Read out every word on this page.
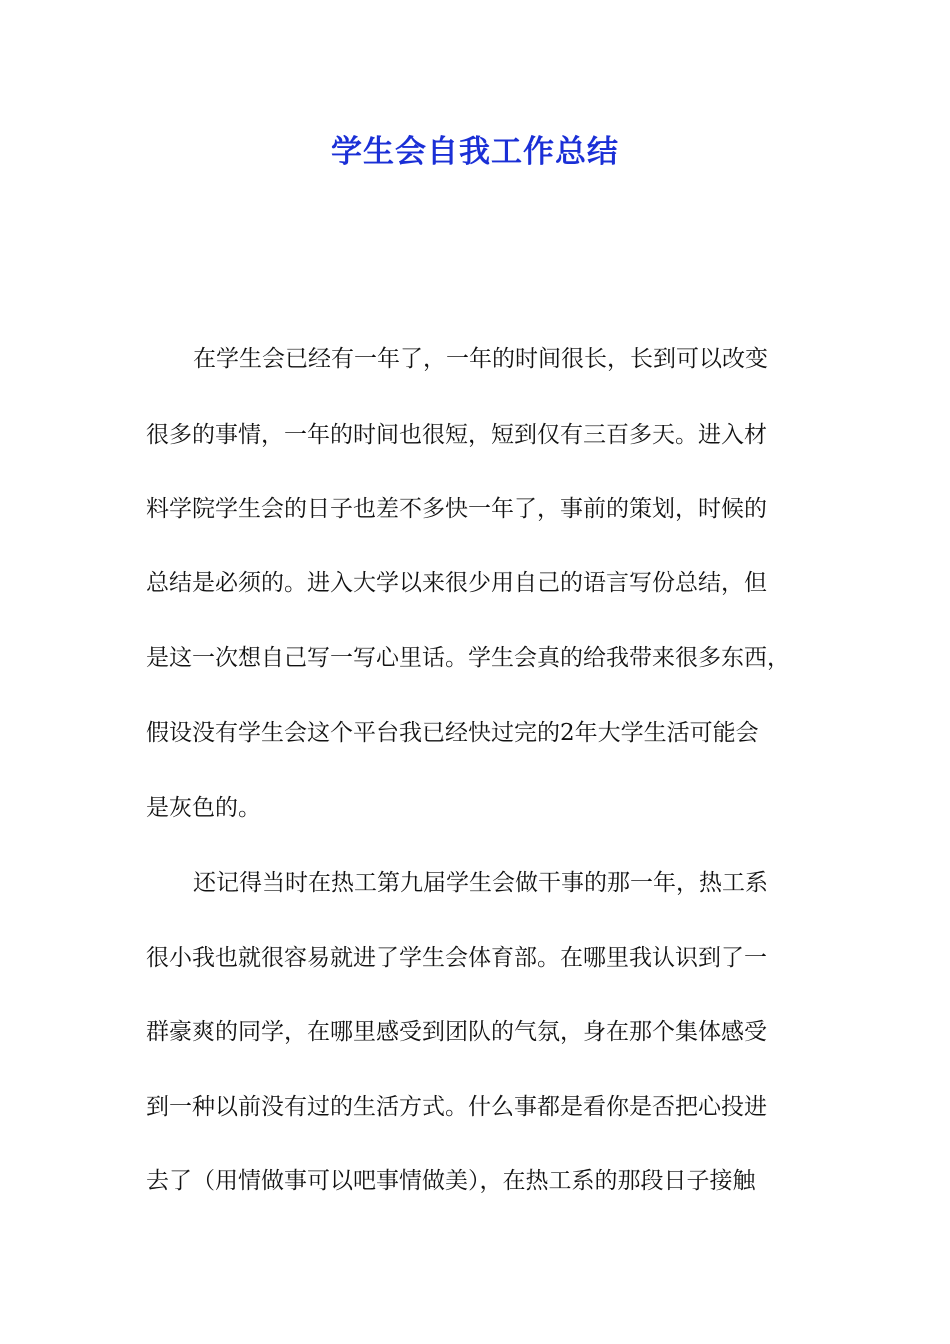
学生会自我工作总结
在学生会已经有一年了，一年的时间很长，长到可以改变
很多的事情，一年的时间也很短，短到仅有三百多天。进入材
料学院学生会的日子也差不多快一年了，事前的策划，时候的
总结是必须的。进入大学以来很少用自己的语言写份总结，但
是这一次想自己写一写心里话。学生会真的给我带来很多东西，
假设没有学生会这个平台我已经快过完的2年大学生活可能会
是灰色的。
还记得当时在热工第九届学生会做干事的那一年，热工系
很小我也就很容易就进了学生会体育部。在哪里我认识到了一
群豪爽的同学，在哪里感受到团队的气氛，身在那个集体感受
到一种以前没有过的生活方式。什么事都是看你是否把心投进
去了（用情做事可以吧事情做美），在热工系的那段日子接触
